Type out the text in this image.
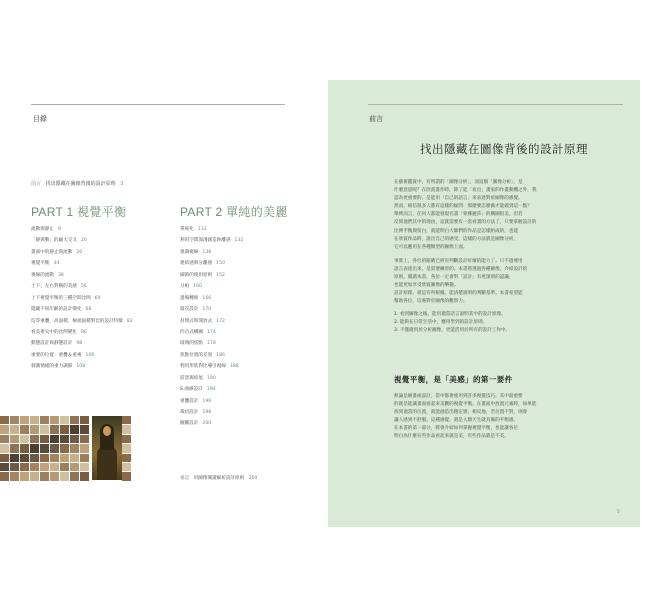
目錄
前言 找出隱藏在圖像背後的設計原理 3
PART 1 視覺平衡	PART 2 單純的美麗
流動與靜止 8
「靜與動」的龐大交叉 20
畫面中的靜止與流動 26
視覺平衡 34
視線的流動 38
上下、左右對稱的美感 56
上下視覺平衡的三種空間比例 60
隱藏不同年齡的設計變化 68
均等重疊，高面積，極端面積對比的設計特徵 82
看美術史中的比例變化 86
動態設計與靜態設計 98
重要的位置：重疊＆重複 106
刺激情緒的重力調節 108
單純化 113
利用空間深淺創造距離感 132
強調視線 138
連結感與分離感 150
細節的使用原則 152
分組 160
過場轉換 166
層次設計 170
封閉式和開放式 172
凹凸式構圖 174
玻璃的焦點 178
焦點位置的差異 186
利用形狀對比導引視線 188
前景與結尾 190
S 曲線設計 194
重疊設計 196
裁切設計 198
圖騰設計 200
補記 用圖像閱讀解析設計原則 204
前言
找出隱藏在圖像背後的設計原理
在藝術鑑賞中，有所謂的「圖像分析」，而這個「圖像分析」，是
什麼意思呢？在欣賞畫作時，除了能「看出」畫家的作畫動機之外，我
認為更重要的，是能用「自己的語言」來表達對於圖像的感覺。
然而，相信很多人都有這樣的疑問：那麼要怎麼做才能做到這一點？
舉例而言，任何人都能發現名畫「蒙娜麗莎」的構圖很美，但若
反問他們其中的理由，這就需要有一套看畫的方法了。只要掌握設計的
比例平衡與留白，就能明白大師們的作品是怎樣組成的，也能
在欣賞作品時，說出自己的感受。這樣的方法就是圖像分析，
它可以應用在各種類型的圖像上面。
事實上，各位的眼睛已經有判斷設計好壞的能力了。只不過要用
語言表達出來，是需要練習的。本書將透過各種圖像，介紹設計的
原則。閱讀本書，各位一定會對「設計」有更深刻的認識，
也能更加享受欣賞圖像的樂趣。
設計原理，就是有所根據，能清楚說明的判斷基準。本書希望能
幫助各位，培養對於圖像的觀察力。
1. 看到圖像之後，能用適當語言說明其中的設計原理。
2. 能夠在日常生活中，應用學到的設計原則。
3. 不僅適用於分析圖像，更能活用於所有的設計工作中。
視覺平衡，是「美感」的第一要件
無論是繪畫或設計，當中都會使用到許多視覺技巧。其中最重要
的就是能讓畫面看起來美觀的視覺平衡。在畫面中放置元素時，如果能
找到適當的位置，就能創造出穩定感；相反地，若位置不對，則會
讓人感到不舒服。這種感覺，就是人類天生就具備的平衡感。
在本書的第一部分，將會介紹如何掌握視覺平衡，也能讓各位
明白為什麼有些作品看起來就是美，有些作品就是不美。
5
